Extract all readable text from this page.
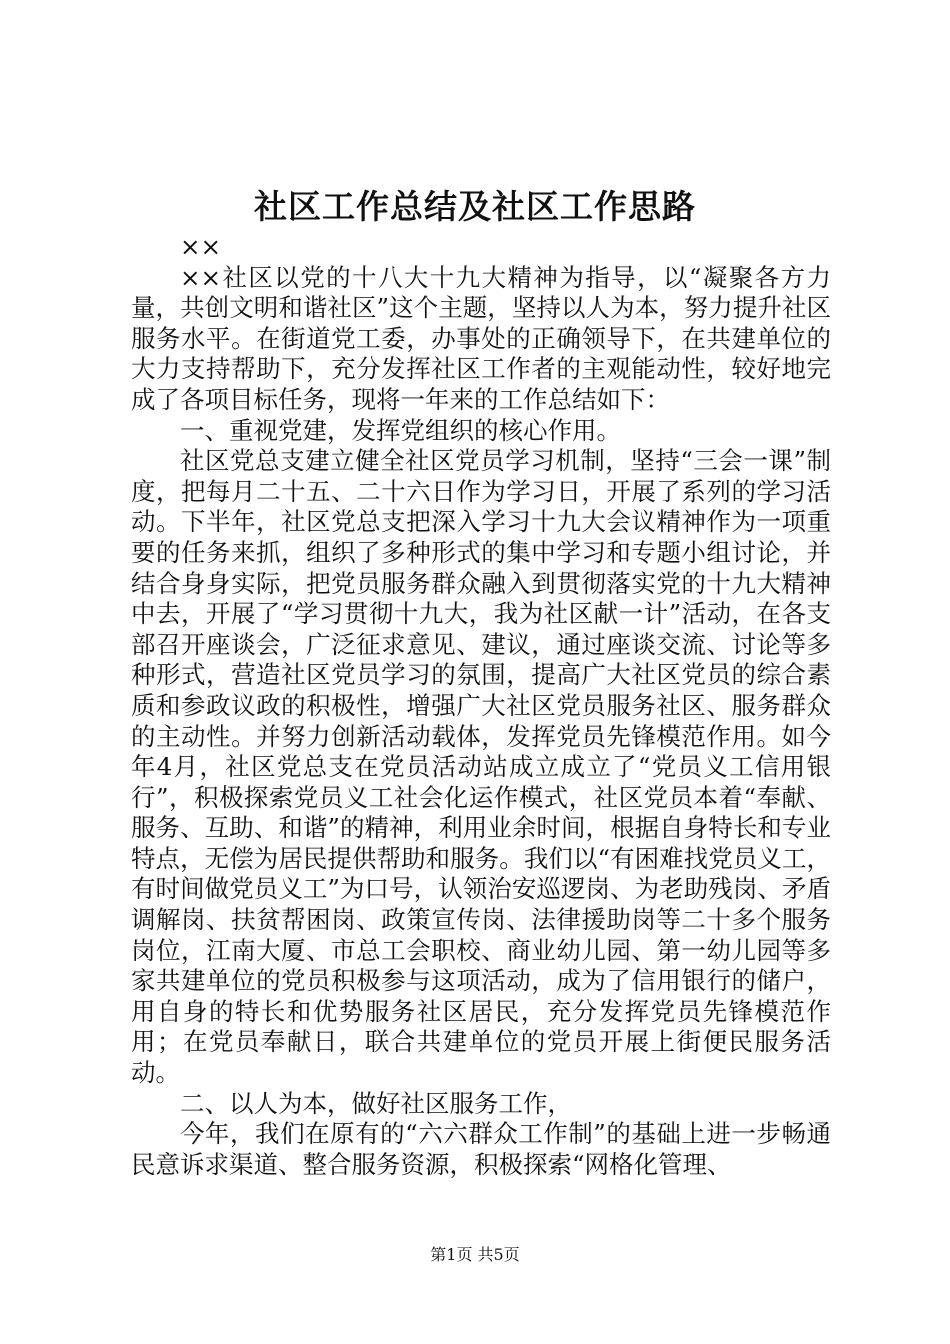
社区工作总结及社区工作思路

××

××社区以党的十八大十九大精神为指导，以“凝聚各方力量，共创文明和谐社区”这个主题，坚持以人为本，努力提升社区服务水平。在街道党工委，办事处的正确领导下，在共建单位的大力支持帮助下，充分发挥社区工作者的主观能动性，较好地完成了各项目标任务，现将一年来的工作总结如下：

一、重视党建，发挥党组织的核心作用。

社区党总支建立健全社区党员学习机制，坚持“三会一课”制度，把每月二十五、二十六日作为学习日，开展了系列的学习活动。下半年，社区党总支把深入学习十九大会议精神作为一项重要的任务来抓，组织了多种形式的集中学习和专题小组讨论，并结合身身实际，把党员服务群众融入到贯彻落实党的十九大精神中去，开展了“学习贯彻十九大，我为社区献一计”活动，在各支部召开座谈会，广泛征求意见、建议，通过座谈交流、讨论等多种形式，营造社区党员学习的氛围，提高广大社区党员的综合素质和参政议政的积极性，增强广大社区党员服务社区、服务群众的主动性。并努力创新活动载体，发挥党员先锋模范作用。如今年4月，社区党总支在党员活动站成立成立了“党员义工信用银行”，积极探索党员义工社会化运作模式，社区党员本着“奉献、服务、互助、和谐”的精神，利用业余时间，根据自身特长和专业特点，无偿为居民提供帮助和服务。我们以“有困难找党员义工，有时间做党员义工”为口号，认领治安巡逻岗、为老助残岗、矛盾调解岗、扶贫帮困岗、政策宣传岗、法律援助岗等二十多个服务岗位，江南大厦、市总工会职校、商业幼儿园、第一幼儿园等多家共建单位的党员积极参与这项活动，成为了信用银行的储户，用自身的特长和优势服务社区居民，充分发挥党员先锋模范作用；在党员奉献日，联合共建单位的党员开展上街便民服务活动。

二、以人为本，做好社区服务工作，

今年，我们在原有的“六六群众工作制”的基础上进一步畅通民意诉求渠道、整合服务资源，积极探索“网格化管理、

第1页 共5页
